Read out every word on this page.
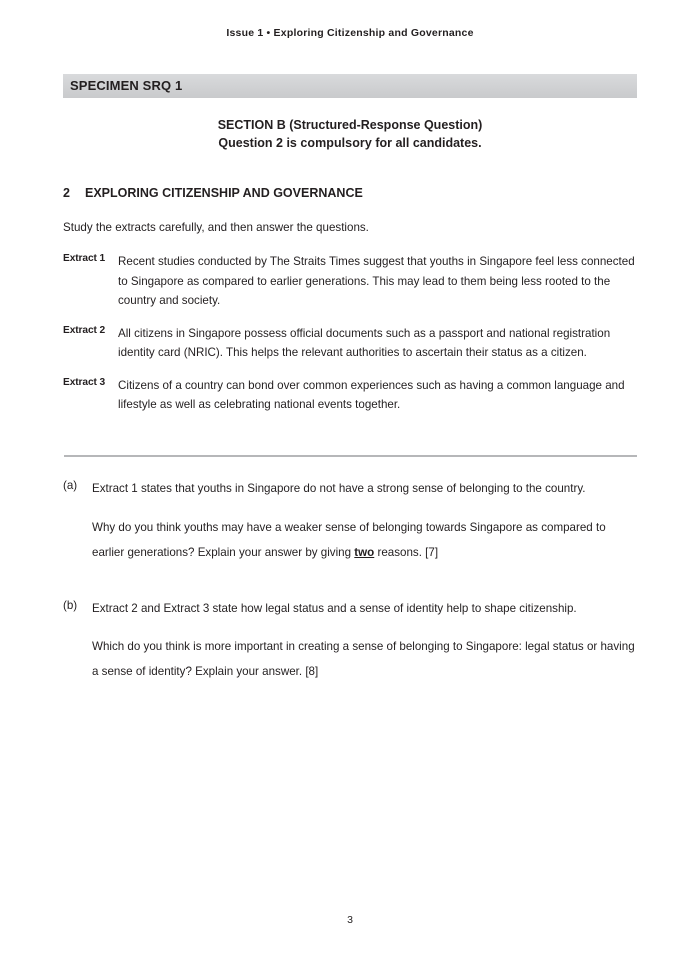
Issue 1 • Exploring Citizenship and Governance
SPECIMEN SRQ 1
SECTION B (Structured-Response Question)
Question 2 is compulsory for all candidates.
2 EXPLORING CITIZENSHIP AND GOVERNANCE
Study the extracts carefully, and then answer the questions.
Extract 1	Recent studies conducted by The Straits Times suggest that youths in Singapore feel less connected to Singapore as compared to earlier generations. This may lead to them being less rooted to the country and society.
Extract 2	All citizens in Singapore possess official documents such as a passport and national registration identity card (NRIC). This helps the relevant authorities to ascertain their status as a citizen.
Extract 3	Citizens of a country can bond over common experiences such as having a common language and lifestyle as well as celebrating national events together.
(a)	Extract 1 states that youths in Singapore do not have a strong sense of belonging to the country.
Why do you think youths may have a weaker sense of belonging towards Singapore as compared to earlier generations? Explain your answer by giving two reasons. [7]
(b)	Extract 2 and Extract 3 state how legal status and a sense of identity help to shape citizenship.
Which do you think is more important in creating a sense of belonging to Singapore: legal status or having a sense of identity? Explain your answer. [8]
3
